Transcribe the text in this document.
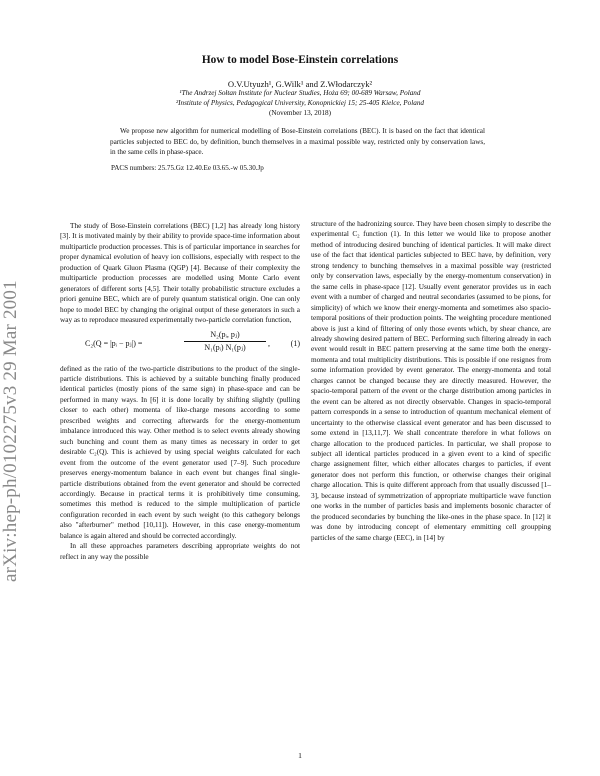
arXiv:hep-ph/0102275v3 29 Mar 2001
How to model Bose-Einstein correlations
O.V.Utyuzh¹, G.Wilk¹ and Z.Włodarczyk²
¹The Andrzej Sołtan Institute for Nuclear Studies, Hoża 69; 00-689 Warsaw, Poland
²Institute of Physics, Pedagogical University, Konopnickiej 15; 25-405 Kielce, Poland
(November 13, 2018)
We propose new algorithm for numerical modelling of Bose-Einstein correlations (BEC). It is based on the fact that identical particles subjected to BEC do, by definition, bunch themselves in a maximal possible way, restricted only by conservation laws, in the same cells in phase-space.
PACS numbers: 25.75.Gz 12.40.Ee 03.65.-w 05.30.Jp

The study of Bose-Einstein correlations (BEC) [1,2] has already long history [3]. It is motivated mainly by their ability to provide space-time information about multiparticle production processes. This is of particular importance in searches for proper dynamical evolution of heavy ion collisions, especially with respect to the production of Quark Gluon Plasma (QGP) [4]. Because of their complexity the multiparticle production processes are modelled using Monte Carlo event generators of different sorts [4,5]. Their totally probabilistic structure excludes a priori genuine BEC, which are of purely quantum statistical origin. One can only hope to model BEC by changing the original output of these generators in such a way as to reproduce measured experimentally two-particle correlation function,

C₂(Q = |pᵢ − pⱼ|) =	$\frac{\text{N₂(pᵢ, pⱼ)}}{\text{N₁(pᵢ) N₁(pⱼ)}}$ ,	(1)

defined as the ratio of the two-particle distributions to the product of the single-particle distributions. This is achieved by a suitable bunching finally produced identical particles (mostly pions of the same sign) in phase-space and can be performed in many ways. In [6] it is done locally by shifting slightly (pulling closer to each other) momenta of like-charge mesons according to some prescribed weights and correcting afterwards for the energy-momentum imbalance introduced this way. Other method is to select events already showing such bunching and count them as many times as necessary in order to get desirable C₂(Q). This is achieved by using special weights calculated for each event from the outcome of the event generator used [7–9]. Such procedure preserves energy-momentum balance in each event but changes final single-particle distributions obtained from the event generator and should be corrected accordingly. Because in practical terms it is prohibitively time consuming, sometimes this method is reduced to the simple multiplication of particle configuration recorded in each event by such weight (to this cathegory belongs also "afterburner" method [10,11]). However, in this case energy-momentum balance is again altered and should be corrected accordingly.

In all these approaches parameters describing appropriate weights do not reflect in any way the possible

structure of the hadronizing source. They have been chosen simply to describe the experimental C₂ function (1). In this letter we would like to propose another method of introducing desired bunching of identical particles. It will make direct use of the fact that identical particles subjected to BEC have, by definition, very strong tendency to bunching themselves in a maximal possible way (restricted only by conservation laws, especially by the energy-momentum conservation) in the same cells in phase-space [12]. Usually event generator provides us in each event with a number of charged and neutral secondaries (assumed to be pions, for simplicity) of which we know their energy-momenta and sometimes also spacio-temporal positions of their production points. The weighting procedure mentioned above is just a kind of filtering of only those events which, by shear chance, are already showing desired pattern of BEC. Performing such filtering already in each event would result in BEC pattern preserving at the same time both the energy-momenta and total multiplicity distributions. This is possible if one resignes from some information provided by event generator. The energy-momenta and total charges cannot be changed because they are directly measured. However, the spacio-temporal pattern of the event or the charge distribution among particles in the event can be altered as not directly observable. Changes in spacio-temporal pattern corresponds in a sense to introduction of quantum mechanical element of uncertainty to the otherwise classical event generator and has been discussed to some extend in [13,11,7]. We shall concentrate therefore in what follows on charge allocation to the produced particles. In particular, we shall propose to subject all identical particles produced in a given event to a kind of specific charge assignement filter, which either allocates charges to particles, if event generator does not perform this function, or otherwise changes their original charge allocation. This is quite different approach from that usually discussed [1–3], because instead of symmetrization of appropriate multiparticle wave function one works in the number of particles basis and implements bosonic character of the produced secondaries by bunching the like-ones in the phase space. In [12] it was done by introducing concept of elementary emmitting cell groupping particles of the same charge (EEC), in [14] by

1
